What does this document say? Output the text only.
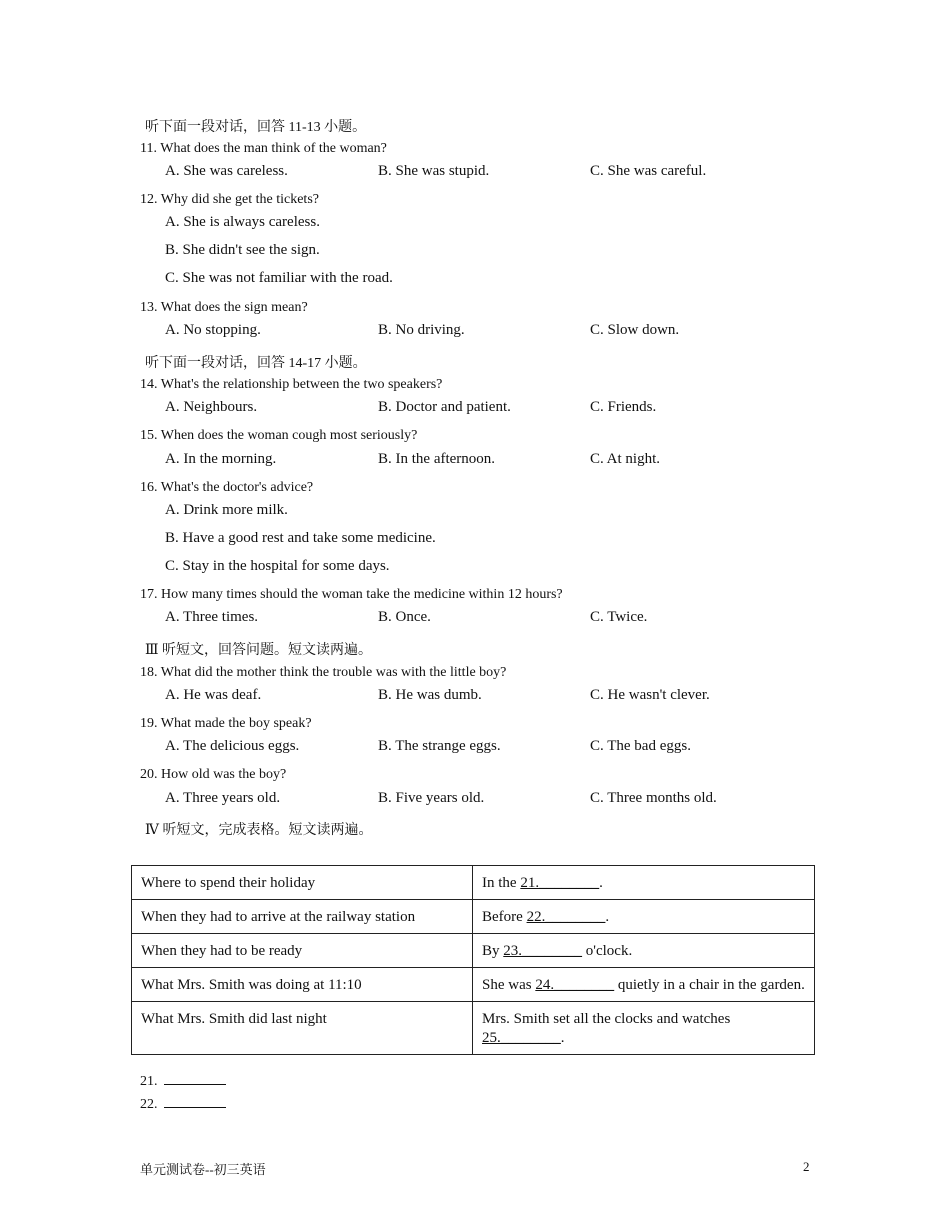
听下面一段对话，回答 11-13 小题。
11. What does the man think of the woman?
A. She was careless.	B. She was stupid.	C. She was careful.
12. Why did she get the tickets?
A. She is always careless.
B. She didn't see the sign.
C. She was not familiar with the road.
13. What does the sign mean?
A. No stopping.	B. No driving.	C. Slow down.
听下面一段对话，回答 14-17 小题。
14. What's the relationship between the two speakers?
A. Neighbours.	B. Doctor and patient.	C. Friends.
15. When does the woman cough most seriously?
A. In the morning.	B. In the afternoon.	C. At night.
16. What's the doctor's advice?
A. Drink more milk.
B. Have a good rest and take some medicine.
C. Stay in the hospital for some days.
17. How many times should the woman take the medicine within 12 hours?
A. Three times.	B. Once.	C. Twice.
Ⅲ 听短文，回答问题。短文读两遍。
18. What did the mother think the trouble was with the little boy?
A. He was deaf.	B. He was dumb.	C. He wasn't clever.
19. What made the boy speak?
A. The delicious eggs.	B. The strange eggs.	C. The bad eggs.
20. How old was the boy?
A. Three years old.	B. Five years old.	C. Three months old.
Ⅳ 听短文，完成表格。短文读两遍。
Where to spend their holiday	In the 21.________.
When they had to arrive at the railway station	Before 22.________.
When they had to be ready	By 23.________ o'clock.
What Mrs. Smith was doing at 11:10	She was 24.________ quietly in a chair in the garden.
What Mrs. Smith did last night	Mrs. Smith set all the clocks and watches 25.________.
21.
22.
单元测试卷--初三英语	2
